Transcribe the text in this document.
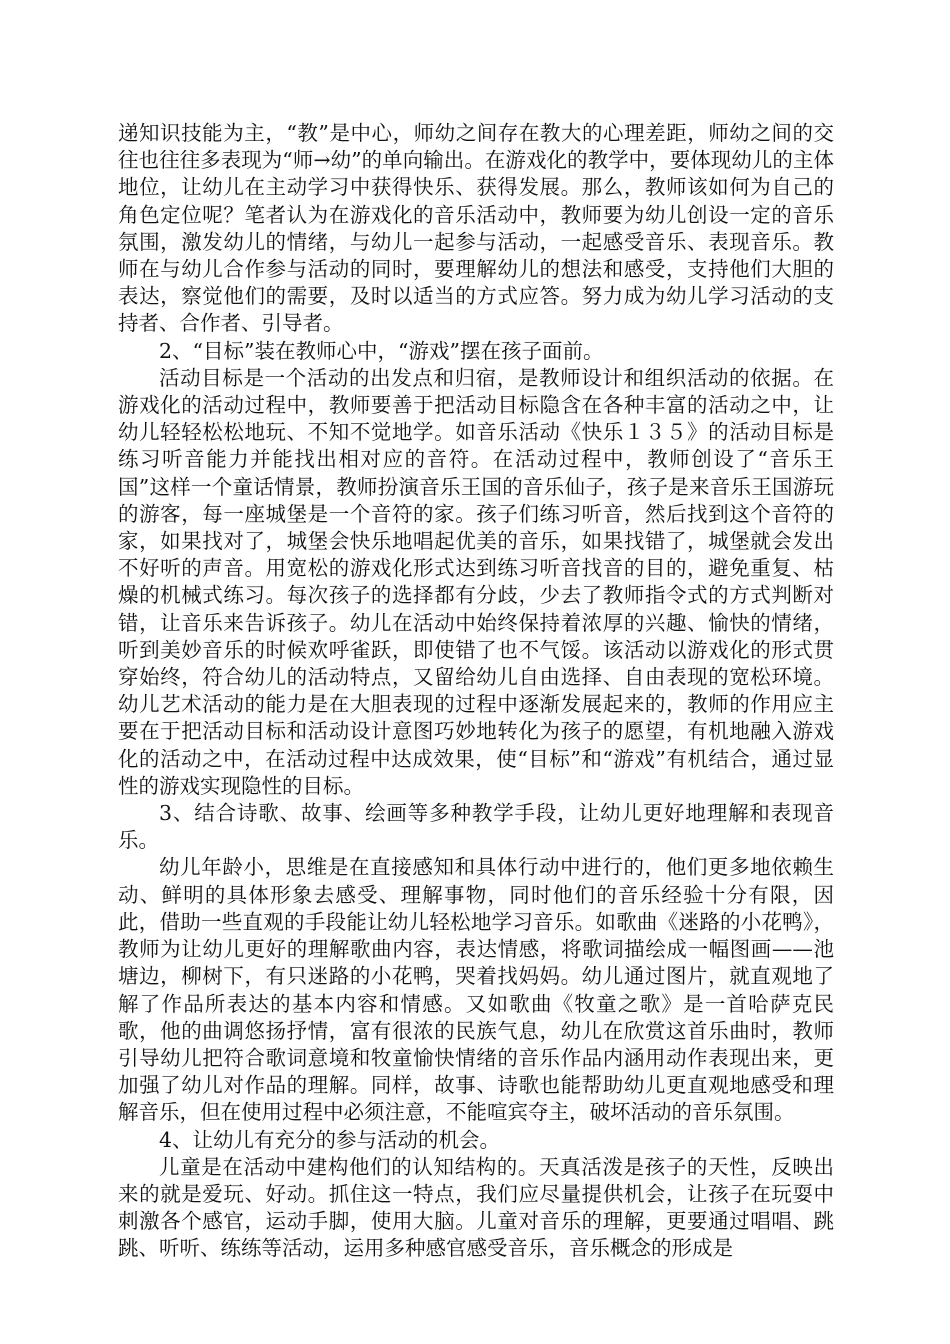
递知识技能为主，“教”是中心，师幼之间存在教大的心理差距，师幼之间的交往也往往多表现为“师→幼”的单向输出。在游戏化的教学中，要体现幼儿的主体地位，让幼儿在主动学习中获得快乐、获得发展。那么，教师该如何为自己的角色定位呢？笔者认为在游戏化的音乐活动中，教师要为幼儿创设一定的音乐氛围，激发幼儿的情绪，与幼儿一起参与活动，一起感受音乐、表现音乐。教师在与幼儿合作参与活动的同时，要理解幼儿的想法和感受，支持他们大胆的表达，察觉他们的需要，及时以适当的方式应答。努力成为幼儿学习活动的支持者、合作者、引导者。

2、“目标”装在教师心中，“游戏”摆在孩子面前。

活动目标是一个活动的出发点和归宿，是教师设计和组织活动的依据。在游戏化的活动过程中，教师要善于把活动目标隐含在各种丰富的活动之中，让幼儿轻轻松松地玩、不知不觉地学。如音乐活动《快乐１３５》的活动目标是练习听音能力并能找出相对应的音符。在活动过程中，教师创设了“音乐王国”这样一个童话情景，教师扮演音乐王国的音乐仙子，孩子是来音乐王国游玩的游客，每一座城堡是一个音符的家。孩子们练习听音，然后找到这个音符的家，如果找对了，城堡会快乐地唱起优美的音乐，如果找错了，城堡就会发出不好听的声音。用宽松的游戏化形式达到练习听音找音的目的，避免重复、枯燥的机械式练习。每次孩子的选择都有分歧，少去了教师指令式的方式判断对错，让音乐来告诉孩子。幼儿在活动中始终保持着浓厚的兴趣、愉快的情绪，听到美妙音乐的时候欢呼雀跃，即使错了也不气馁。该活动以游戏化的形式贯穿始终，符合幼儿的活动特点，又留给幼儿自由选择、自由表现的宽松环境。幼儿艺术活动的能力是在大胆表现的过程中逐渐发展起来的，教师的作用应主要在于把活动目标和活动设计意图巧妙地转化为孩子的愿望，有机地融入游戏化的活动之中，在活动过程中达成效果，使“目标”和“游戏”有机结合，通过显性的游戏实现隐性的目标。

3、结合诗歌、故事、绘画等多种教学手段，让幼儿更好地理解和表现音乐。

幼儿年龄小，思维是在直接感知和具体行动中进行的，他们更多地依赖生动、鲜明的具体形象去感受、理解事物，同时他们的音乐经验十分有限，因此，借助一些直观的手段能让幼儿轻松地学习音乐。如歌曲《迷路的小花鸭》，教师为让幼儿更好的理解歌曲内容，表达情感，将歌词描绘成一幅图画——池塘边，柳树下，有只迷路的小花鸭，哭着找妈妈。幼儿通过图片，就直观地了解了作品所表达的基本内容和情感。又如歌曲《牧童之歌》是一首哈萨克民歌，他的曲调悠扬抒情，富有很浓的民族气息，幼儿在欣赏这首乐曲时，教师引导幼儿把符合歌词意境和牧童愉快情绪的音乐作品内涵用动作表现出来，更加强了幼儿对作品的理解。同样，故事、诗歌也能帮助幼儿更直观地感受和理解音乐，但在使用过程中必须注意，不能喧宾夺主，破坏活动的音乐氛围。

4、让幼儿有充分的参与活动的机会。

儿童是在活动中建构他们的认知结构的。天真活泼是孩子的天性，反映出来的就是爱玩、好动。抓住这一特点，我们应尽量提供机会，让孩子在玩耍中刺激各个感官，运动手脚，使用大脑。儿童对音乐的理解，更要通过唱唱、跳跳、听听、练练等活动，运用多种感官感受音乐，音乐概念的形成是
